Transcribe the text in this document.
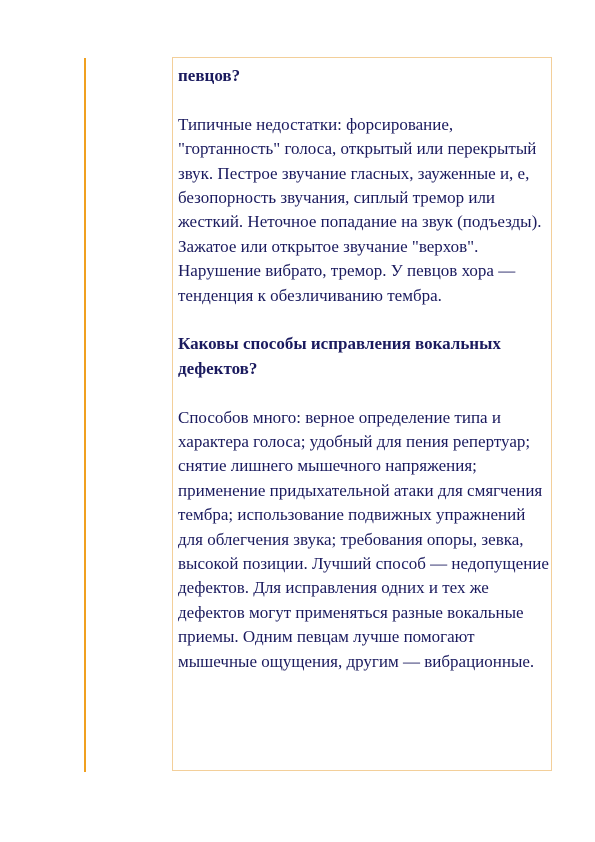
певцов?

Типичные недостатки: форсирование, "гортанность" голоса, открытый или перекрытый звук. Пестрое звучание гласных, зауженные и, е, безопорность звучания, сиплый тремор или жесткий. Неточное попадание на звук (подъезды). Зажатое или открытое звучание "верхов". Нарушение вибрато, тремор. У певцов хора — тенденция к обезличиванию тембра.

Каковы способы исправления вокальных дефектов?

Способов много: верное определение типа и характера голоса; удобный для пения репертуар; снятие лишнего мышечного напряжения; применение придыхательной атаки для смягчения тембра; использование подвижных упражнений для облегчения звука; требования опоры, зевка, высокой позиции. Лучший способ — недопущение дефектов. Для исправления одних и тех же дефектов могут применяться разные вокальные приемы. Одним певцам лучше помогают мышечные ощущения, другим — вибрационные.
